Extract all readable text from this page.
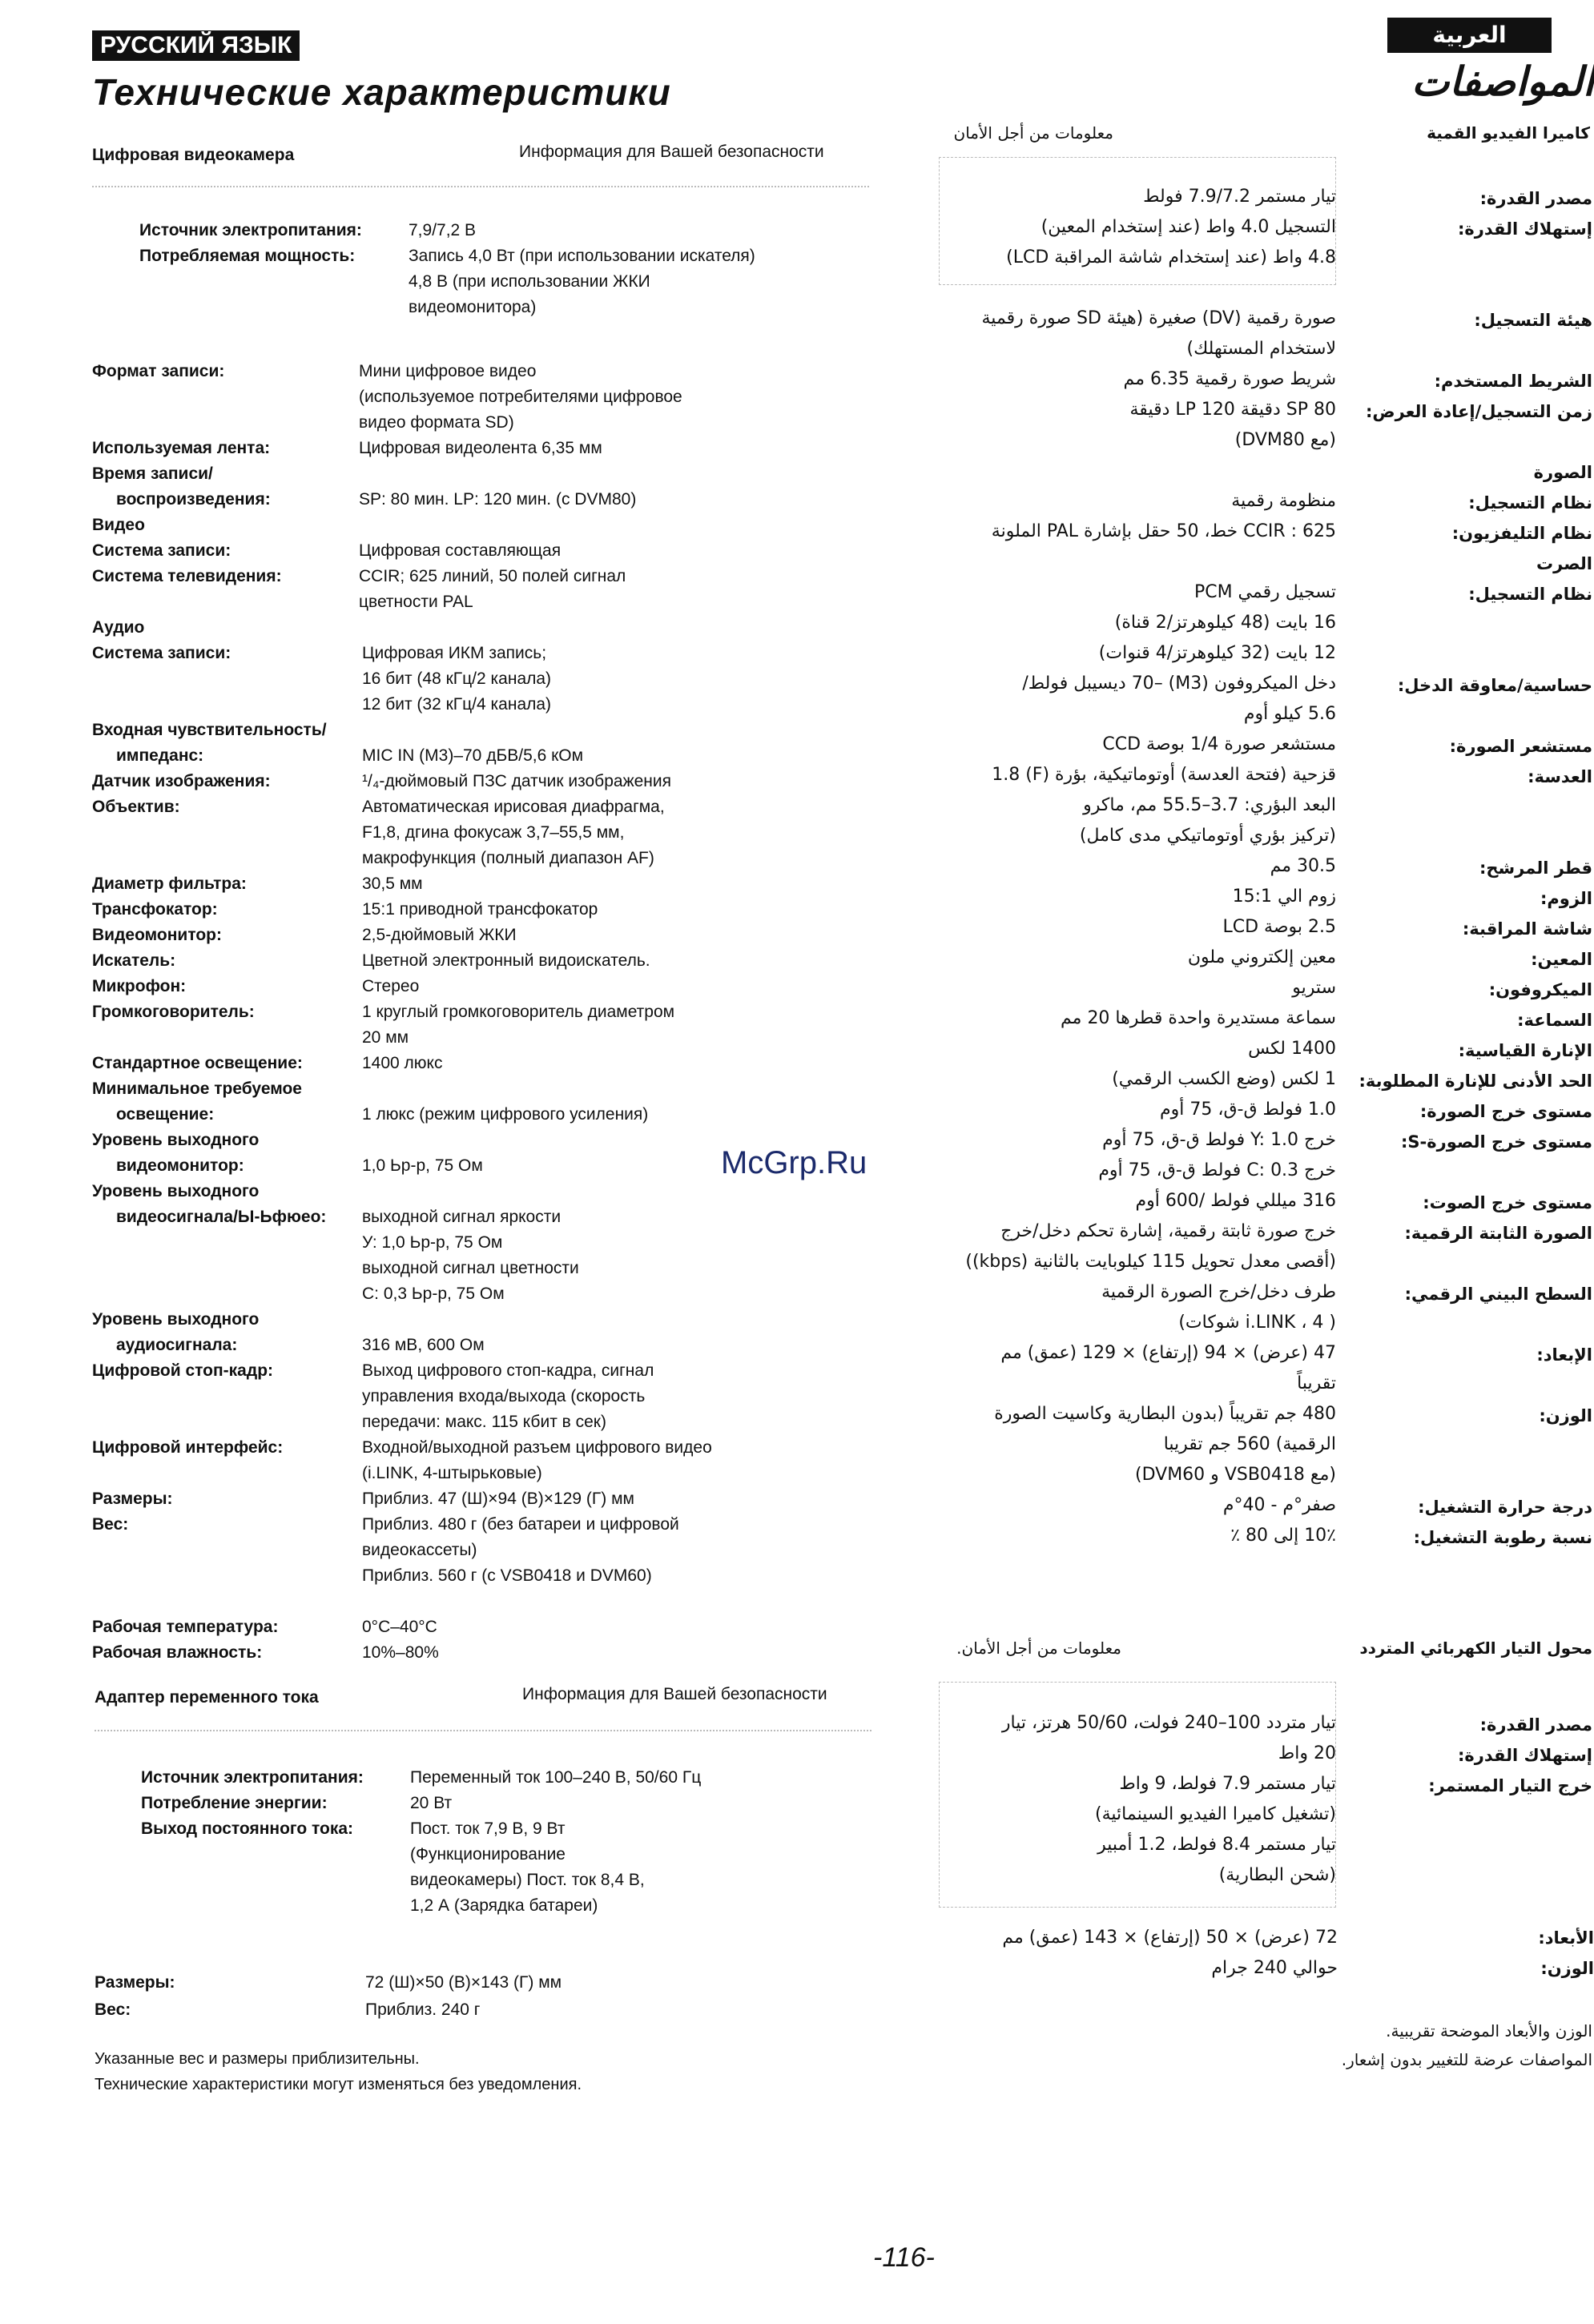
РУССКИЙ ЯЗЫК
Технические характеристики
Цифровая видеокамера	Информация для Вашей безопасности
Источник электропитания:	7,9/7,2 В
Потребляемая мощность:	Запись 4,0 Вт (при использовании искателя)
4,8 В (при использовании ЖКИ
видеомонитора)
Формат записи:	Мини цифровое видео
(используемое потребителями цифровое
видео формата SD)
Используемая лента:	Цифровая видеолента 6,35 мм
Время записи/
воспроизведения:	SP: 80 мин. LP: 120 мин. (с DVM80)
Видео
Система записи:	Цифровая составляющая
Система телевидения:	CCIR; 625 линий, 50 полей сигнал
цветности PAL
Аудио
Система записи:	Цифровая ИКМ запись;
16 бит (48 кГц/2 канала)
12 бит (32 кГц/4 канала)
Входная чувствительность/
импеданс:	MIC IN (M3)–70 дБВ/5,6 кОм
Датчик изображения:	¹/₄-дюймовый ПЗС датчик изображения
Объектив:	Автоматическая ирисовая диафрагма,
F1,8, дгина фокусаж 3,7–55,5 мм,
макрофункция (полный диапазон AF)
Диаметр фильтра:	30,5 мм
Трансфокатор:	15:1 приводной трансфокатор
Видеомонитор:	2,5-дюймовый ЖКИ
Искатель:	Цветной электронный видоискатель.
Микрофон:	Стерео
Громкоговоритель:	1 круглый громкоговоритель диаметром
20 мм
Стандартное освещение:	1400 люкс
Минимальное требуемое
освещение:	1 люкс (режим цифрового усиления)
Уровень выходного
видеомонитор:	1,0 Ьр-р, 75 Ом
Уровень выходного
видеосигнала/Ы-Ьфюео: выходной сигнал яркости
У: 1,0 Ьр-р, 75 Ом
выходной сигнал цветности
С: 0,3 Ьр-р, 75 Ом
Уровень выходного
аудиосигнала:	316 мВ, 600 Ом
Цифровой стоп-кадр:	Выход цифрового стоп-кадра, сигнал
управления входа/выхода (скорость
передачи: макс. 115 кбит в сек)
Цифровой интерфейс:	Входной/выходной разъем цифрового видео
(i.LINK, 4-штырьковые)
Размеры:	Приблиз. 47 (Ш)×94 (В)×129 (Г) мм
Вес:	Приблиз. 480 г (без батареи и цифровой
видеокассеты)
Приблиз. 560 г (с VSB0418 и DVM60)
Рабочая температура:	0°C–40°C
Рабочая влажность:	10%–80%
Адаптер переменного тока	Информация для Вашей безопасности
Источник электропитания:	Переменный ток 100–240 В, 50/60 Гц
Потребление энергии:	20 Вт
Выход постоянного тока:	Пост. ток 7,9 В, 9 Вт
(Функционирование
видеокамеры) Пост. ток 8,4 В,
1,2 А (Зарядка батареи)
Размеры:	72 (Ш)×50 (В)×143 (Г) мм
Вес:	Приблиз. 240 г
Указанные вес и размеры приблизительны.
Технические характеристики могут изменяться без уведомления.
العربية
المواصفات
كاميرا الفيديو القمية
معلومات من أجل الأمان
مصدر القدرة:
تيار مستمر 7.9/7.2 فولط
إستهلاك القدرة:
التسجيل 4.0 واط (عند إستخدام المعين)
4.8 واط (عند إستخدام شاشة المراقبة LCD)
هيئة التسجيل:
صورة رقمية (DV) صغيرة (هيئة SD صورة رقمية
لاستخدام المستهلك)
الشريط المستخدم:
شريط صورة رقمية 6.35 مم
زمن التسجيل/إعادة العرض:
SP 80 دقيقة LP 120 دقيقة
(مع DVM80)
الصورة
نظام التسجيل:
منظومة رقمية
نظام التليفزيون:
CCIR : 625 خط، 50 حقل بإشارة PAL الملونة
الصرت
نظام التسجيل:
تسجيل رقمي PCM
16 بايت (48 كيلوهرتز/2 قناة)
12 بايت (32 كيلوهرتز/4 قنوات)
حساسية/معاوقة الدخل:
دخل الميكروفون (M3) –70 ديسيبل فولط/
5.6 كيلو أوم
مستشعر الصورة:
مستشعر صورة 1/4 بوصة CCD
العدسة:
قزحية (فتحة العدسة) أوتوماتيكية، بؤرة (F) 1.8
البعد البؤري: 3.7–55.5 مم، ماكرو
(تركيز بؤري أوتوماتيكي مدى كامل)
قطر المرشح:
30.5 مم
الزوم:
زوم الي 15:1
شاشة المراقبة:
2.5 بوصة LCD
المعين:
معين إلكتروني ملون
الميكروفون:
ستريو
السماعة:
سماعة مستديرة واحدة قطرها 20 مم
الإنارة القياسية:
1400 لكس
الحد الأدنى للإنارة المطلوبة:
1 لكس (وضع الكسب الرقمي)
مستوى خرج الصورة:
1.0 فولط ق-ق، 75 أوم
مستوى خرج الصورة-S:
خرج Y: 1.0 فولط ق-ق، 75 أوم
خرج C: 0.3 فولط ق-ق، 75 أوم
مستوى خرج الصوت:
316 ميللي فولط /600 أوم
الصورة الثابتة الرقمية:
خرج صورة ثابتة رقمية، إشارة تحكم دخل/خرج
(أقصى معدل تحويل 115 كيلوبايت بالثانية (kbps))
السطح البيني الرقمي:
طرف دخل/خرج الصورة الرقمية
( i.LINK ، 4 شوكات)
الإبعاد:
47 (عرض) × 94 (إرتفاع) × 129 (عمق) مم
تقريباً
الوزن:
480 جم تقريباً (بدون البطارية وكاسيت الصورة
الرقمية) 560 جم تقريبا
(مع VSB0418 و DVM60)
درجة حرارة التشغيل:
صفر°م - 40°م
نسبة رطوبة التشغيل:
10٪ إلى 80 ٪
محول التيار الكهربائي المتردد
معلومات من أجل الأمان.
مصدر القدرة:
تيار متردد 100–240 فولت، 50/60 هرتز، تيار
إستهلاك القدرة:
20 واط
خرج التيار المستمر:
تيار مستمر 7.9 فولط، 9 واط
(تشغيل كاميرا الفيديو السينمائية)
تيار مستمر 8.4 فولط، 1.2 أمبير
(شحن البطارية)
الأبعاد:
72 (عرض) × 50 (إرتفاع) × 143 (عمق) مم
الوزن:
حوالي 240 جرام
الوزن والأبعاد الموضحة تقريبية.
المواصفات عرضة للتغيير بدون إشعار.
McGrp.Ru
-116-
